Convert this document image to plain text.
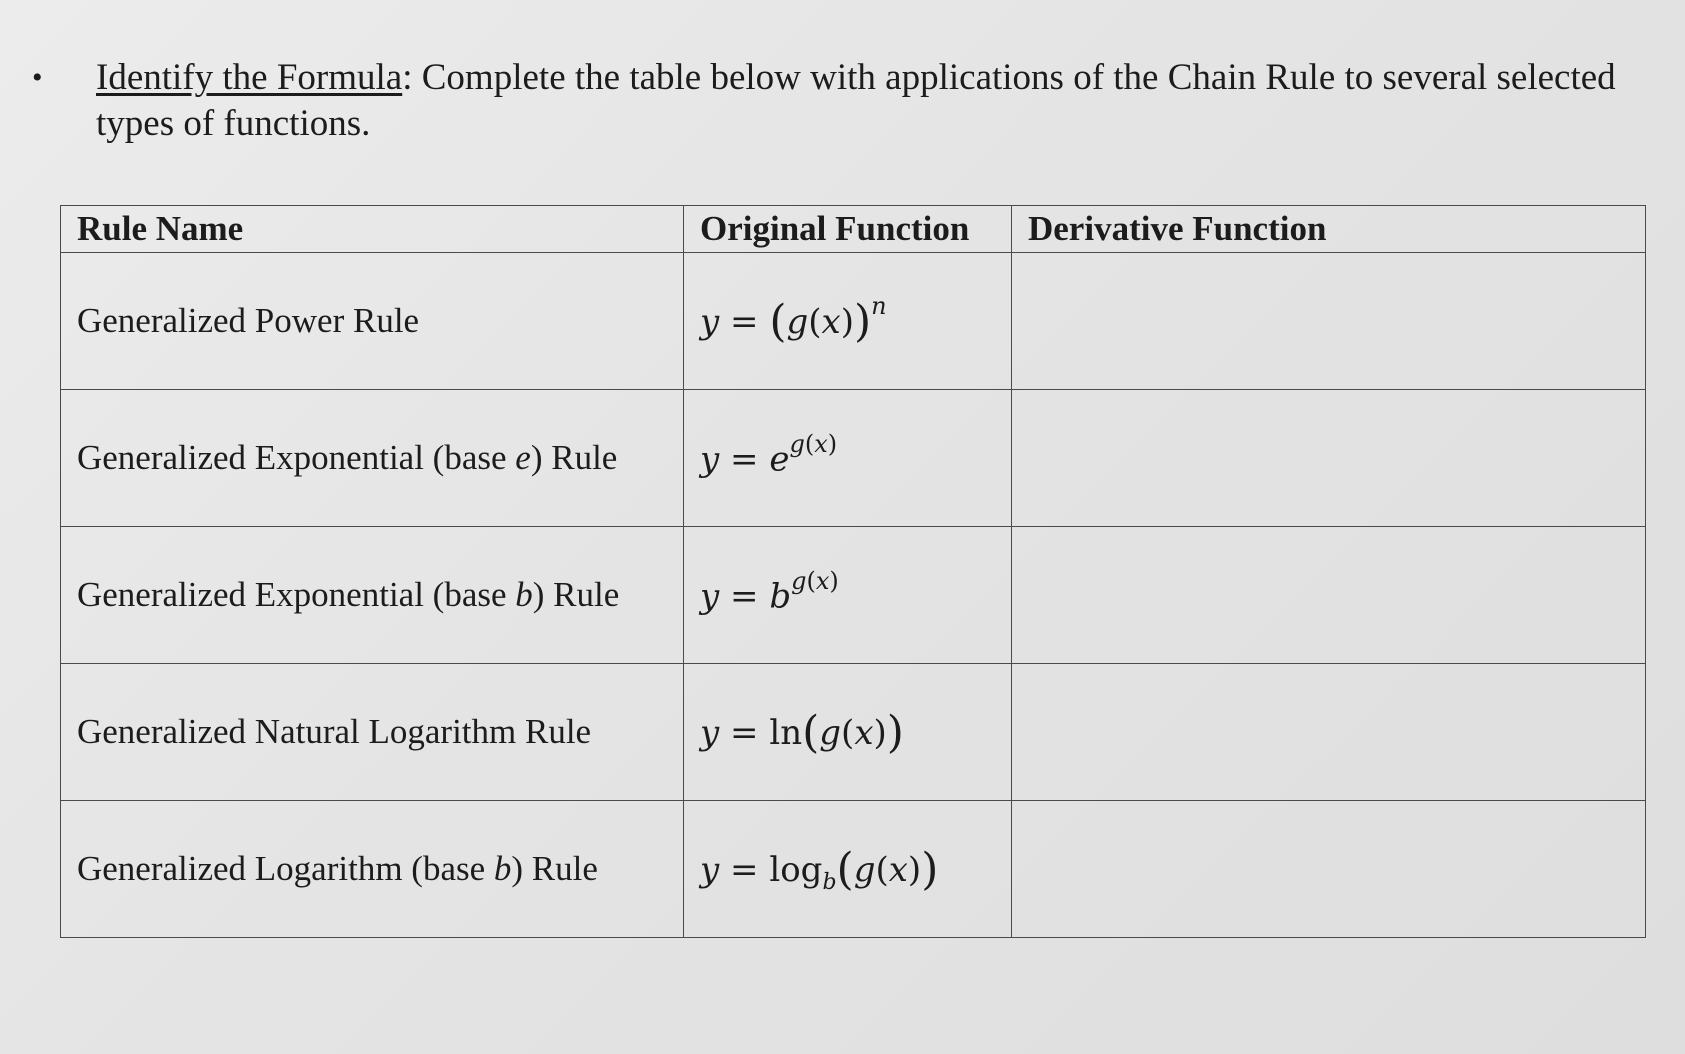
•	Identify the Formula: Complete the table below with applications of the Chain Rule to several selected types of functions.
Rule Name	Original Function	Derivative Function
Generalized Power Rule	$y = (g(x))^n$	
Generalized Exponential (base e) Rule	$y = e^{g(x)}$	
Generalized Exponential (base b) Rule	$y = b^{g(x)}$	
Generalized Natural Logarithm Rule	y = ln(g(x))	
Generalized Logarithm (base b) Rule	$y = \log_b(g(x))$	
